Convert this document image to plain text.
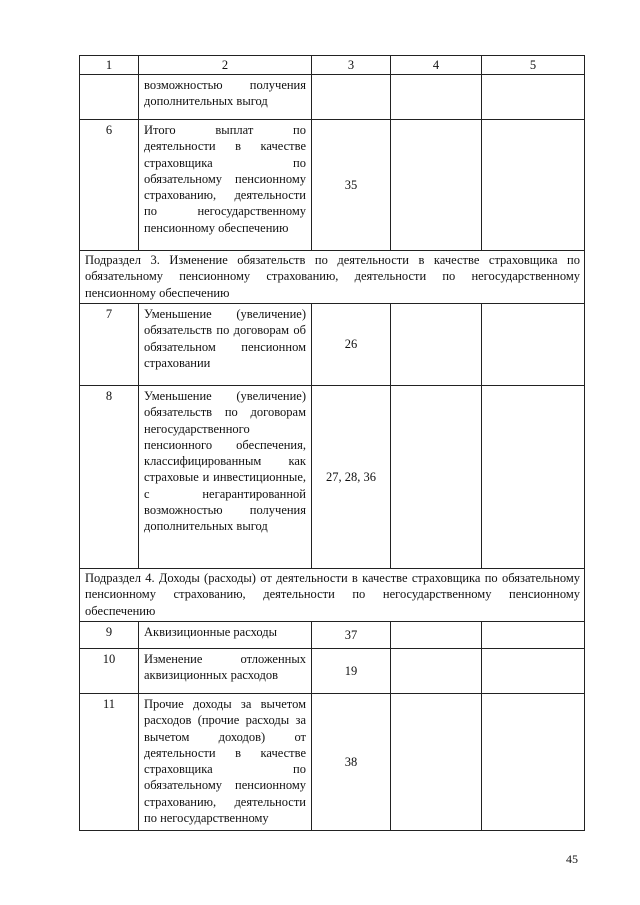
1	2	3	4	5
	возможностью получения дополнительных выгод			
6	Итого выплат по деятельности в качестве страховщика по обязательному пенсионному страхованию, деятельности по негосударственному пенсионному обеспечению	35		
Подраздел 3. Изменение обязательств по деятельности в качестве страховщика по обязательному пенсионному страхованию, деятельности по негосударственному пенсионному обеспечению				
7	Уменьшение (увеличение) обязательств по договорам об обязательном пенсионном страховании	26		
8	Уменьшение (увеличение) обязательств по договорам негосударственного пенсионного обеспечения, классифицированным как страховые и инвестиционные, с негарантированной возможностью получения дополнительных выгод	27, 28, 36		
Подраздел 4. Доходы (расходы) от деятельности в качестве страховщика по обязательному пенсионному страхованию, деятельности по негосударственному пенсионному обеспечению				
9	Аквизиционные расходы	37		
10	Изменение отложенных аквизиционных расходов	19		
11	Прочие доходы за вычетом расходов (прочие расходы за вычетом доходов) от деятельности в качестве страховщика по обязательному пенсионному страхованию, деятельности по негосударственному	38		
45
